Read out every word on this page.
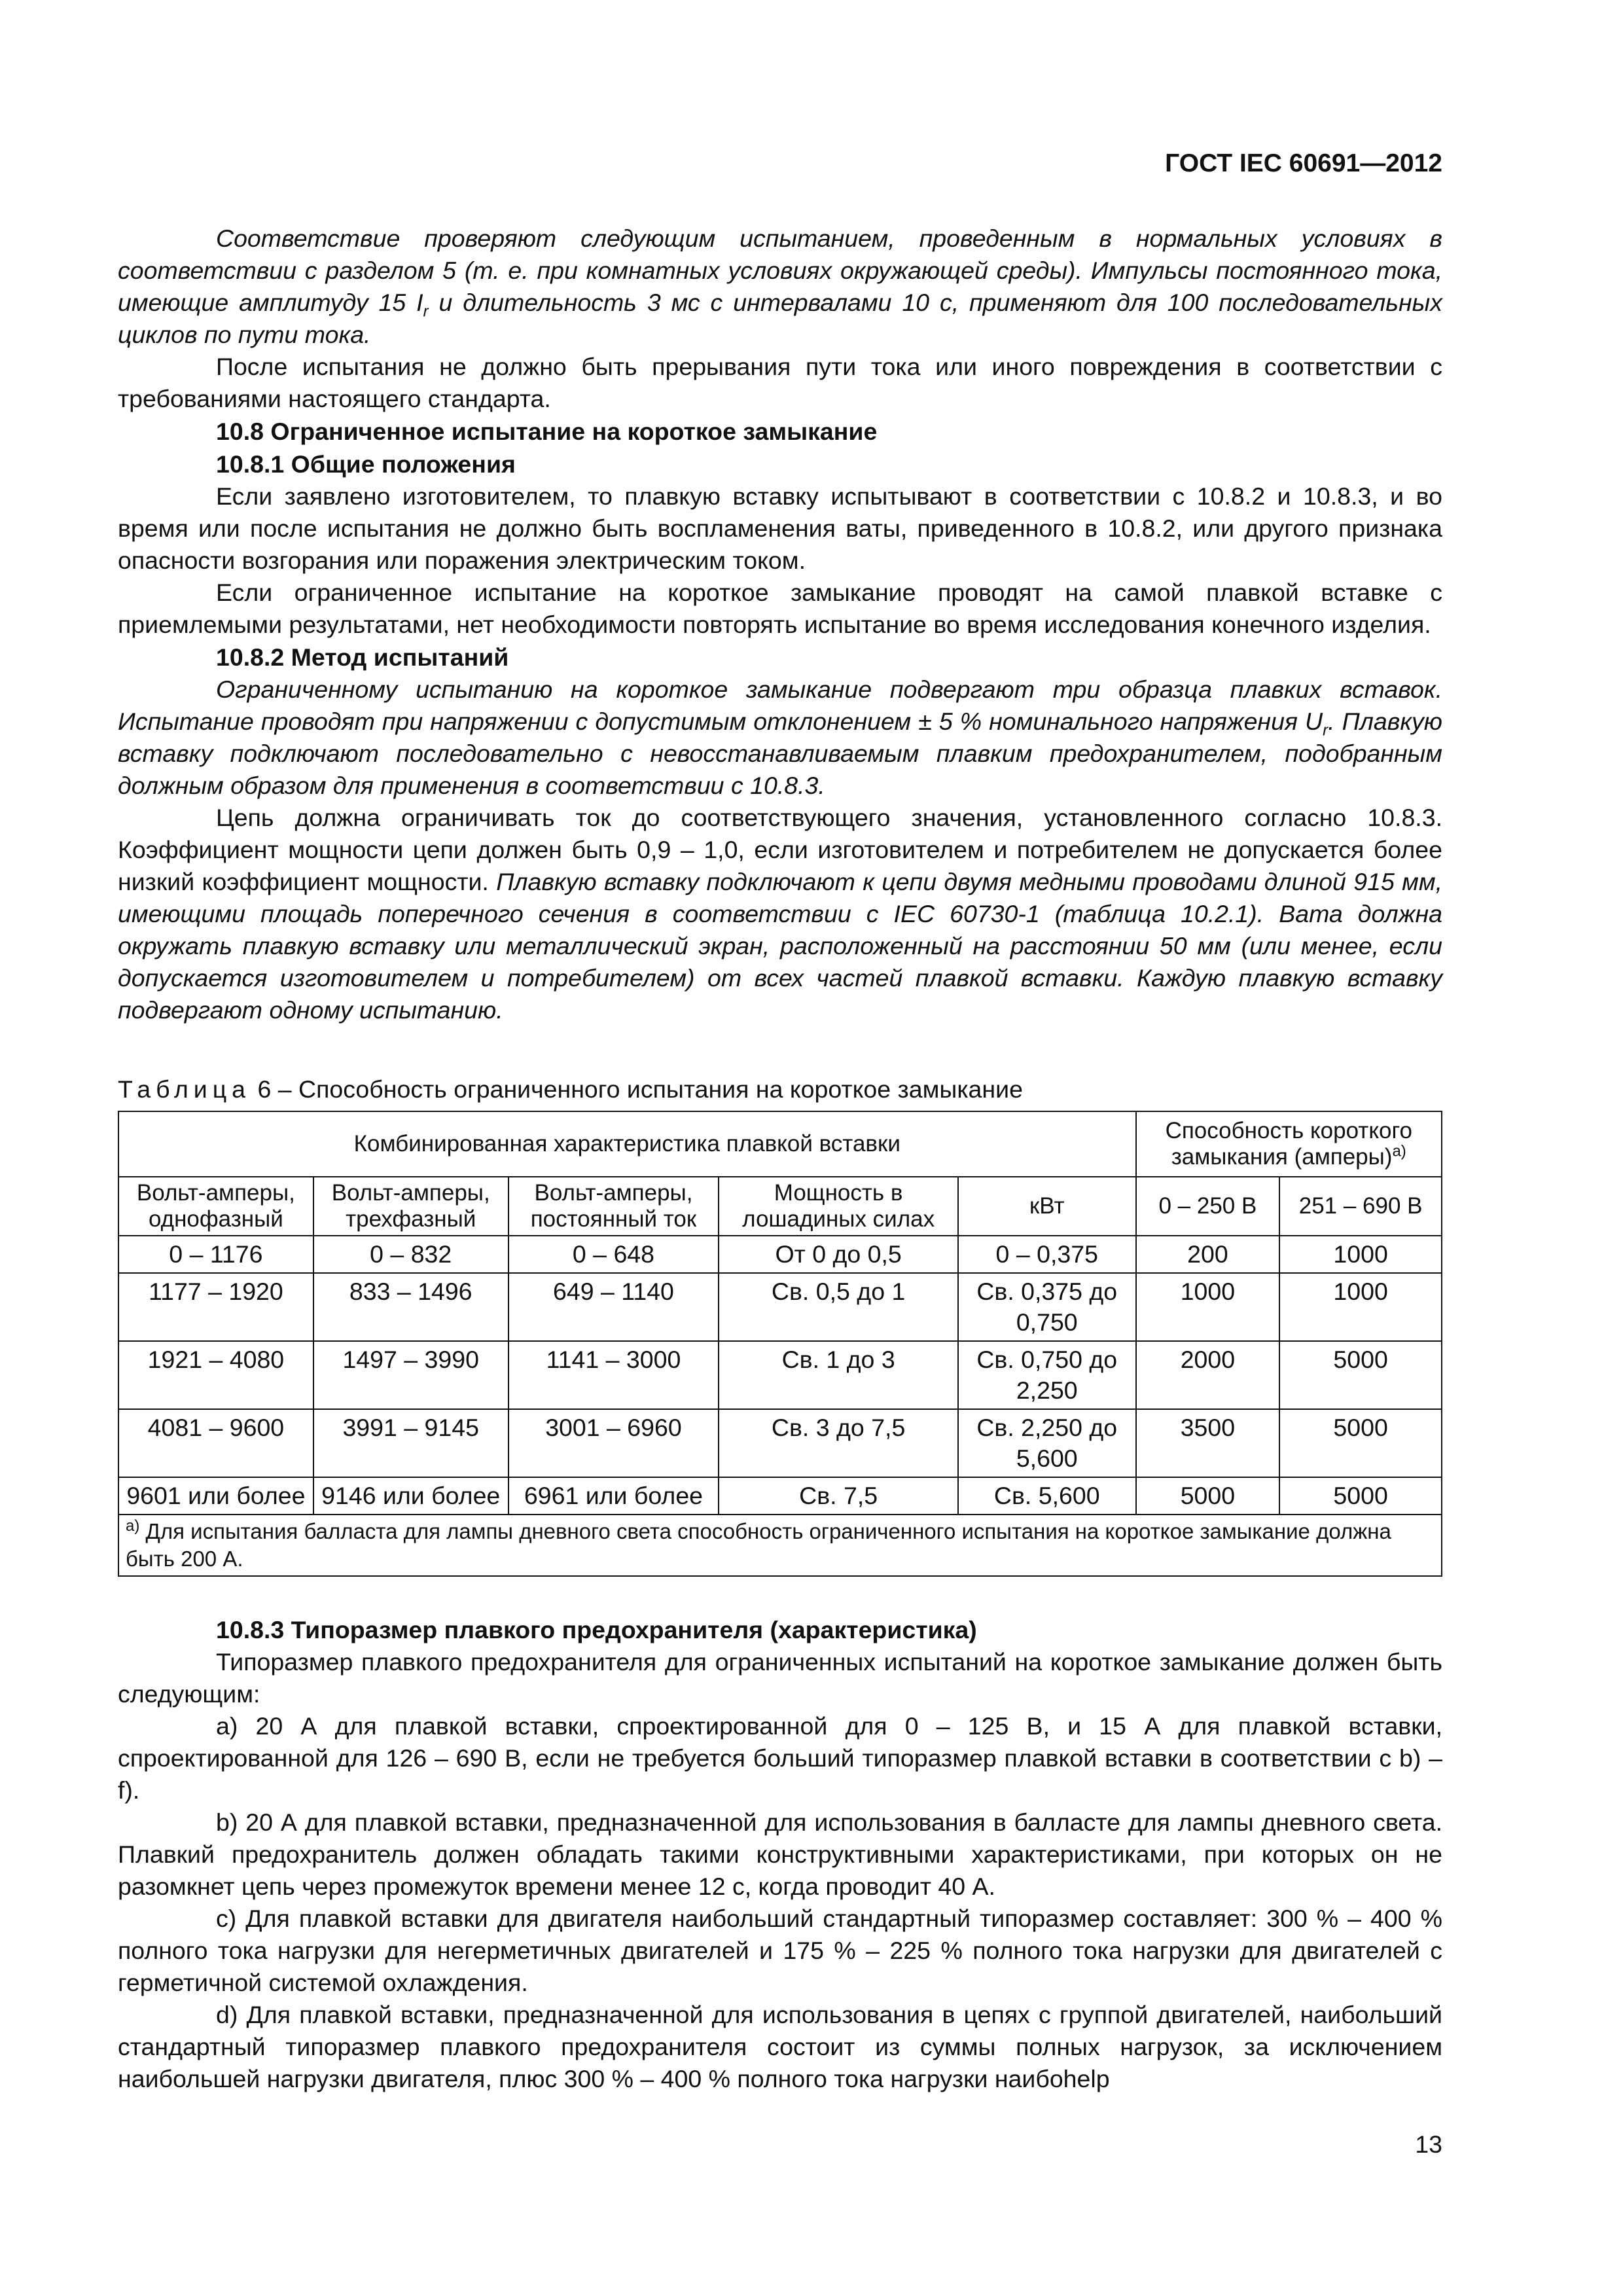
ГОСТ IEC 60691—2012

Соответствие проверяют следующим испытанием, проведенным в нормальных условиях в соответствии с разделом 5 (т. е. при комнатных условиях окружающей среды). Импульсы постоянного тока, имеющие амплитуду 15 $I_r$ и длительность 3 мс с интервалами 10 с, применяют для 100 последовательных циклов по пути тока.

После испытания не должно быть прерывания пути тока или иного повреждения в соответствии с требованиями настоящего стандарта.

10.8 Ограниченное испытание на короткое замыкание
10.8.1 Общие положения

Если заявлено изготовителем, то плавкую вставку испытывают в соответствии с 10.8.2 и 10.8.3, и во время или после испытания не должно быть воспламенения ваты, приведенного в 10.8.2, или другого признака опасности возгорания или поражения электрическим током.

Если ограниченное испытание на короткое замыкание проводят на самой плавкой вставке с приемлемыми результатами, нет необходимости повторять испытание во время исследования конечного изделия.

10.8.2 Метод испытаний

Ограниченному испытанию на короткое замыкание подвергают три образца плавких вставок. Испытание проводят при напряжении с допустимым отклонением ± 5 % номинального напряжения $U_r$. Плавкую вставку подключают последовательно с невосстанавливаемым плавким предохранителем, подобранным должным образом для применения в соответствии с 10.8.3.

Цепь должна ограничивать ток до соответствующего значения, установленного согласно 10.8.3. Коэффициент мощности цепи должен быть 0,9 – 1,0, если изготовителем и потребителем не допускается более низкий коэффициент мощности. Плавкую вставку подключают к цепи двумя медными проводами длиной 915 мм, имеющими площадь поперечного сечения в соответствии с IEC 60730-1 (таблица 10.2.1). Вата должна окружать плавкую вставку или металлический экран, расположенный на расстоянии 50 мм (или менее, если допускается изготовителем и потребителем) от всех частей плавкой вставки. Каждую плавкую вставку подвергают одному испытанию.

Таблица 6 – Способность ограниченного испытания на короткое замыкание
Комбинированная характеристика плавкой вставки					Способность короткого замыкания (амперы)$^{a)}$
Вольт-амперы, однофазный	Вольт-амперы, трехфазный	Вольт-амперы, постоянный ток	Мощность в лошадиных силах	кВт	0 – 250 В	251 – 690 В
0 – 1176	0 – 832	0 – 648	От 0 до 0,5	0 – 0,375	200	1000
1177 – 1920	833 – 1496	649 – 1140	Св. 0,5 до 1	Св. 0,375 до 0,750	1000	1000
1921 – 4080	1497 – 3990	1141 – 3000	Св. 1 до 3	Св. 0,750 до 2,250	2000	5000
4081 – 9600	3991 – 9145	3001 – 6960	Св. 3 до 7,5	Св. 2,250 до 5,600	3500	5000
9601 или более	9146 или более	6961 или более	Св. 7,5	Св. 5,600	5000	5000
$^{a)}$ Для испытания балласта для лампы дневного света способность ограниченного испытания на короткое замыкание должна быть 200 А.						
10.8.3 Типоразмер плавкого предохранителя (характеристика)

Типоразмер плавкого предохранителя для ограниченных испытаний на короткое замыкание должен быть следующим:

a) 20 А для плавкой вставки, спроектированной для 0 – 125 В, и 15 А для плавкой вставки, спроектированной для 126 – 690 В, если не требуется больший типоразмер плавкой вставки в соответствии с b) – f).

b) 20 А для плавкой вставки, предназначенной для использования в балласте для лампы дневного света. Плавкий предохранитель должен обладать такими конструктивными характеристиками, при которых он не разомкнет цепь через промежуток времени менее 12 с, когда проводит 40 А.

c) Для плавкой вставки для двигателя наибольший стандартный типоразмер составляет: 300 % – 400 % полного тока нагрузки для негерметичных двигателей и 175 % – 225 % полного тока нагрузки для двигателей с герметичной системой охлаждения.

d) Для плавкой вставки, предназначенной для использования в цепях с группой двигателей, наибольший стандартный типоразмер плавкого предохранителя состоит из суммы полных нагрузок, за исключением наибольшей нагрузки двигателя, плюс 300 % – 400 % полного тока нагрузки наибоhelp

13
